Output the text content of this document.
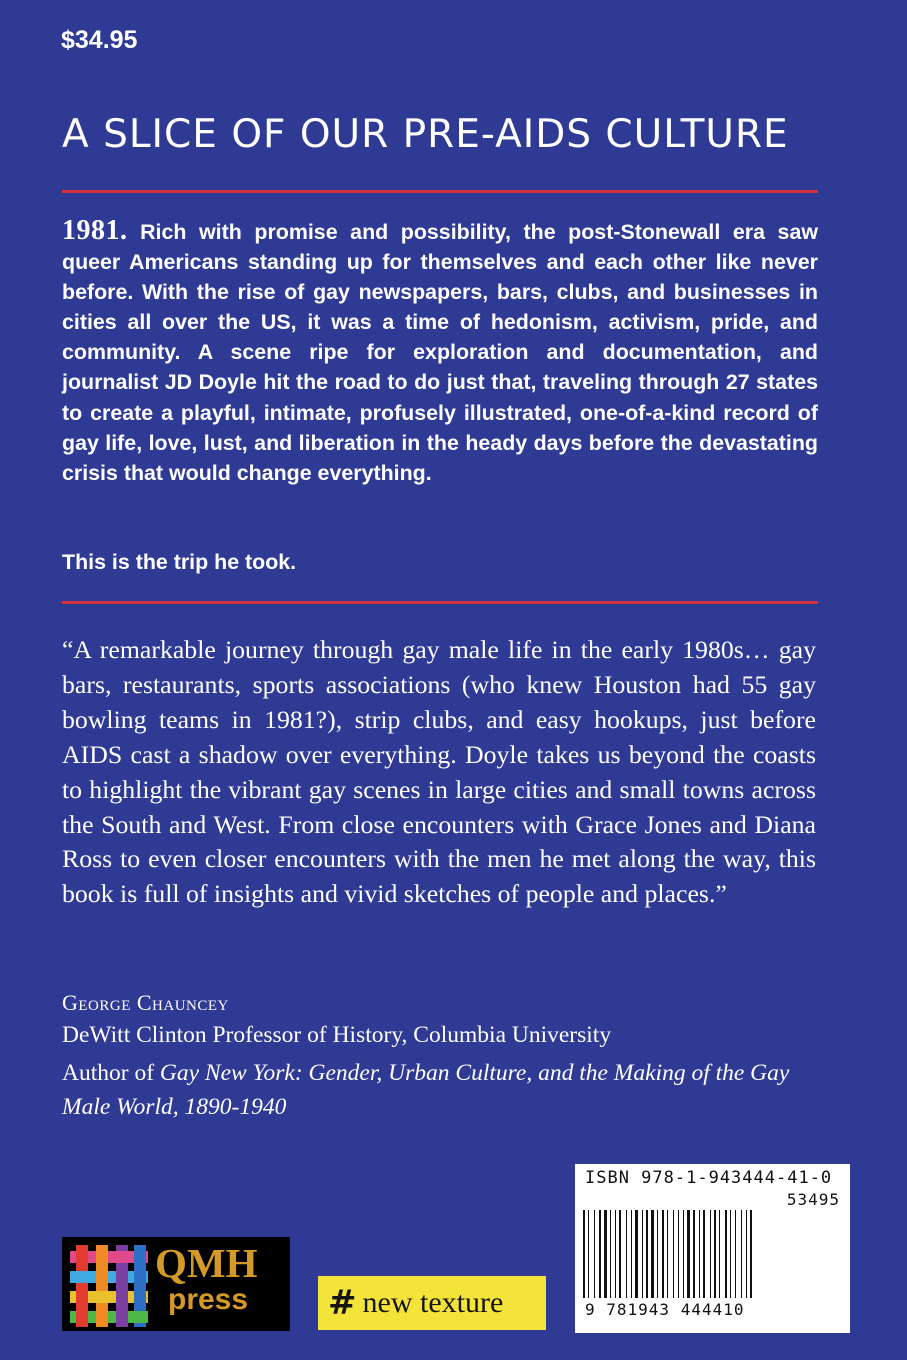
$34.95
A SLICE OF OUR PRE-AIDS CULTURE

1981. Rich with promise and possibility, the post-Stonewall era saw queer Americans standing up for themselves and each other like never before. With the rise of gay newspapers, bars, clubs, and businesses in cities all over the US, it was a time of hedonism, activism, pride, and community. A scene ripe for exploration and documentation, and journalist JD Doyle hit the road to do just that, traveling through 27 states to create a playful, intimate, profusely illustrated, one-of-a-kind record of gay life, love, lust, and liberation in the heady days before the devastating crisis that would change everything.

This is the trip he took.

“A remarkable journey through gay male life in the early 1980s… gay bars, restaurants, sports associations (who knew Houston had 55 gay bowling teams in 1981?), strip clubs, and easy hookups, just before AIDS cast a shadow over everything. Doyle takes us beyond the coasts to highlight the vibrant gay scenes in large cities and small towns across the South and West. From close encounters with Grace Jones and Diana Ross to even closer encounters with the men he met along the way, this book is full of insights and vivid sketches of people and places.”

George Chauncey
DeWitt Clinton Professor of History, Columbia University

Author of Gay New York: Gender, Urban Culture, and the Making of the Gay Male World, 1890-1940

QMH
press # new texture
ISBN 978-1-943444-41-0
53495
9 781943 444410
